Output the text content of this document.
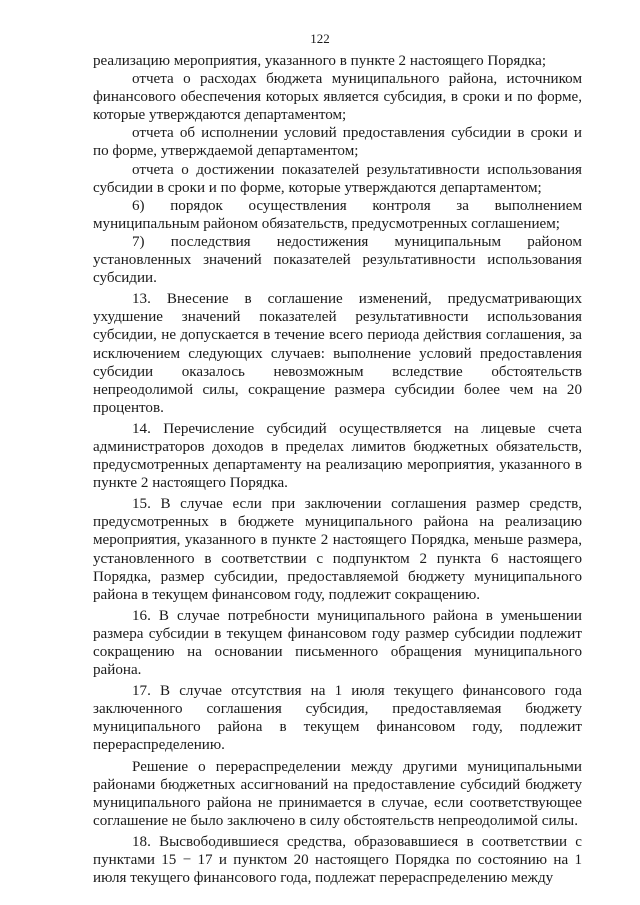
122

реализацию мероприятия, указанного в пункте 2 настоящего Порядка;

отчета о расходах бюджета муниципального района, источником финансового обеспечения которых является субсидия, в сроки и по форме, которые утверждаются департаментом;

отчета об исполнении условий предоставления субсидии в сроки и по форме, утверждаемой департаментом;

отчета о достижении показателей результативности использования субсидии в сроки и по форме, которые утверждаются департаментом;

6) порядок осуществления контроля за выполнением муниципальным районом обязательств, предусмотренных соглашением;

7) последствия недостижения муниципальным районом установленных значений показателей результативности использования субсидии.

13. Внесение в соглашение изменений, предусматривающих ухудшение значений показателей результативности использования субсидии, не допускается в течение всего периода действия соглашения, за исключением следующих случаев: выполнение условий предоставления субсидии оказалось невозможным вследствие обстоятельств непреодолимой силы, сокращение размера субсидии более чем на 20 процентов.

14. Перечисление субсидий осуществляется на лицевые счета администраторов доходов в пределах лимитов бюджетных обязательств, предусмотренных департаменту на реализацию мероприятия, указанного в пункте 2 настоящего Порядка.

15. В случае если при заключении соглашения размер средств, предусмотренных в бюджете муниципального района на реализацию мероприятия, указанного в пункте 2 настоящего Порядка, меньше размера, установленного в соответствии с подпунктом 2 пункта 6 настоящего Порядка, размер субсидии, предоставляемой бюджету муниципального района в текущем финансовом году, подлежит сокращению.

16. В случае потребности муниципального района в уменьшении размера субсидии в текущем финансовом году размер субсидии подлежит сокращению на основании письменного обращения муниципального района.

17. В случае отсутствия на 1 июля текущего финансового года заключенного соглашения субсидия, предоставляемая бюджету муниципального района в текущем финансовом году, подлежит перераспределению.

Решение о перераспределении между другими муниципальными районами бюджетных ассигнований на предоставление субсидий бюджету муниципального района не принимается в случае, если соответствующее соглашение не было заключено в силу обстоятельств непреодолимой силы.

18. Высвободившиеся средства, образовавшиеся в соответствии с пунктами 15 − 17 и пунктом 20 настоящего Порядка по состоянию на 1 июля текущего финансового года, подлежат перераспределению между
